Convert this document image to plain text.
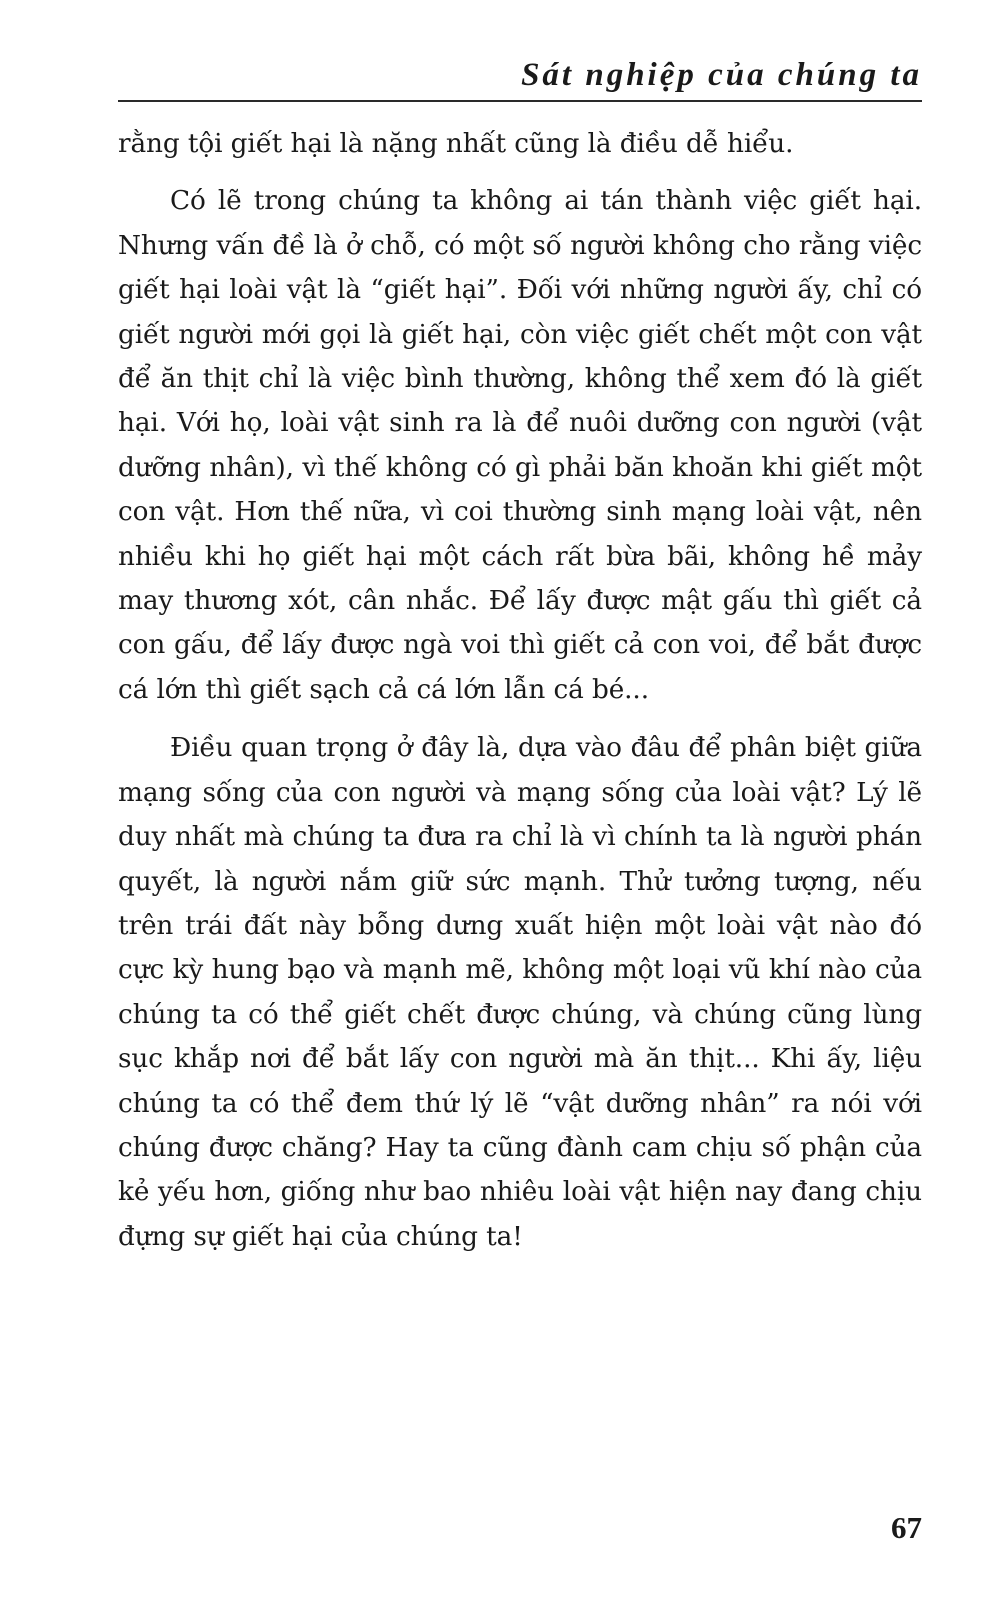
Sát nghiệp của chúng ta

rằng tội giết hại là nặng nhất cũng là điều dễ hiểu.

Có lẽ trong chúng ta không ai tán thành việc giết hại. Nhưng vấn đề là ở chỗ, có một số người không cho rằng việc giết hại loài vật là “giết hại”. Đối với những người ấy, chỉ có giết người mới gọi là giết hại, còn việc giết chết một con vật để ăn thịt chỉ là việc bình thường, không thể xem đó là giết hại. Với họ, loài vật sinh ra là để nuôi dưỡng con người (vật dưỡng nhân), vì thế không có gì phải băn khoăn khi giết một con vật. Hơn thế nữa, vì coi thường sinh mạng loài vật, nên nhiều khi họ giết hại một cách rất bừa bãi, không hề mảy may thương xót, cân nhắc. Để lấy được mật gấu thì giết cả con gấu, để lấy được ngà voi thì giết cả con voi, để bắt được cá lớn thì giết sạch cả cá lớn lẫn cá bé...

Điều quan trọng ở đây là, dựa vào đâu để phân biệt giữa mạng sống của con người và mạng sống của loài vật? Lý lẽ duy nhất mà chúng ta đưa ra chỉ là vì chính ta là người phán quyết, là người nắm giữ sức mạnh. Thử tưởng tượng, nếu trên trái đất này bỗng dưng xuất hiện một loài vật nào đó cực kỳ hung bạo và mạnh mẽ, không một loại vũ khí nào của chúng ta có thể giết chết được chúng, và chúng cũng lùng sục khắp nơi để bắt lấy con người mà ăn thịt... Khi ấy, liệu chúng ta có thể đem thứ lý lẽ “vật dưỡng nhân” ra nói với chúng được chăng? Hay ta cũng đành cam chịu số phận của kẻ yếu hơn, giống như bao nhiêu loài vật hiện nay đang chịu đựng sự giết hại của chúng ta!

67
